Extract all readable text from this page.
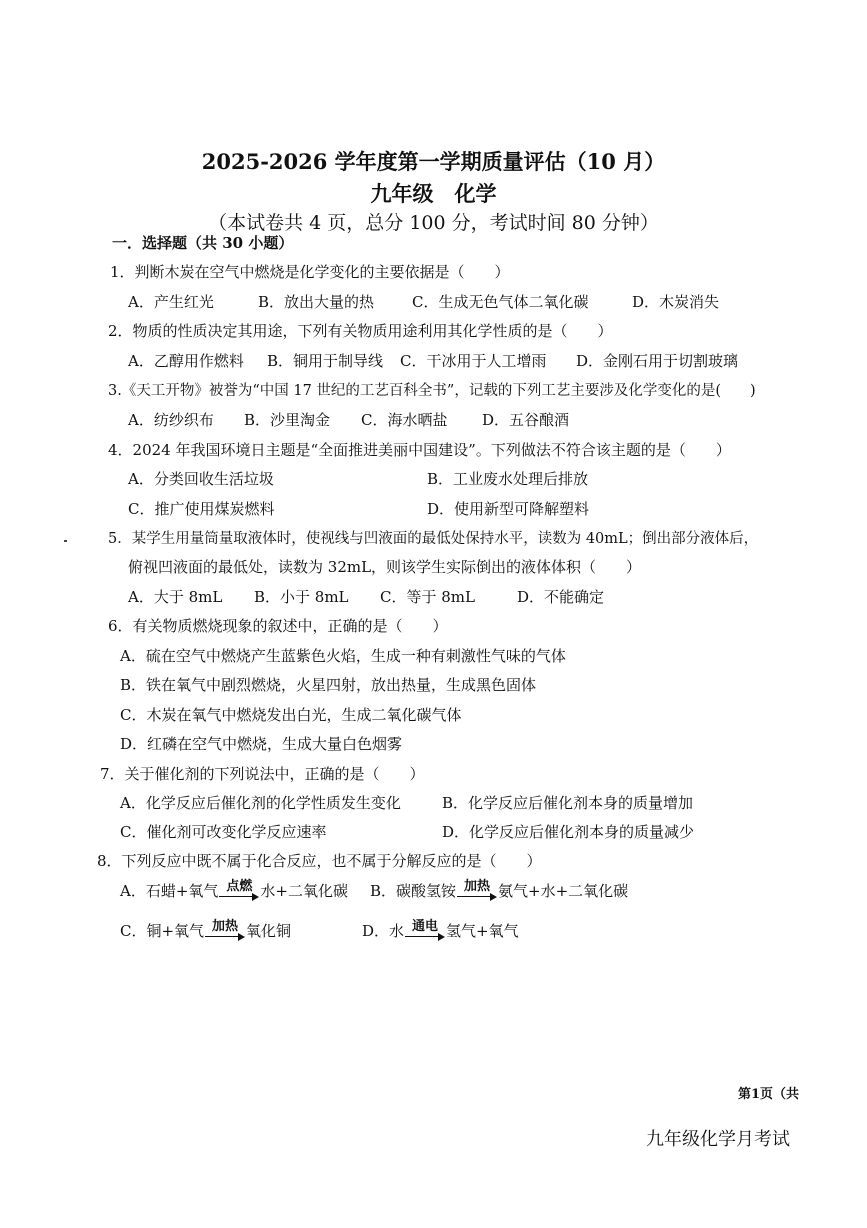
2025-2026 学年度第一学期质量评估（10 月）
九年级　化学
（本试卷共 4 页，总分 100 分，考试时间 80 分钟）
一．选择题（共 30 小题）
1．判断木炭在空气中燃烧是化学变化的主要依据是（　　）
A．产生红光	B．放出大量的热	C．生成无色气体二氧化碳	D．木炭消失
2．物质的性质决定其用途，下列有关物质用途利用其化学性质的是（　　）
A．乙醇用作燃料 B．铜用于制导线 C．干冰用于人工增雨 D．金刚石用于切割玻璃
3.《天工开物》被誉为“中国 17 世纪的工艺百科全书”，记载的下列工艺主要涉及化学变化的是(　　)
A．纺纱织布 B．沙里淘金 C．海水晒盐 D．五谷酿酒
4．2024 年我国环境日主题是“全面推进美丽中国建设”。下列做法不符合该主题的是（　　）
A．分类回收生活垃圾	B．工业废水处理后排放
C．推广使用煤炭燃料	D．使用新型可降解塑料
5．某学生用量筒量取液体时，使视线与凹液面的最低处保持水平，读数为 40mL；倒出部分液体后，
俯视凹液面的最低处，读数为 32mL，则该学生实际倒出的液体体积（　　）
A．大于 8mL B．小于 8mL C．等于 8mL	D．不能确定
6．有关物质燃烧现象的叙述中，正确的是（　　）
A．硫在空气中燃烧产生蓝紫色火焰，生成一种有刺激性气味的气体
B．铁在氧气中剧烈燃烧，火星四射，放出热量，生成黑色固体
C．木炭在氧气中燃烧发出白光，生成二氧化碳气体
D．红磷在空气中燃烧，生成大量白色烟雾
7．关于催化剂的下列说法中，正确的是（　　）
A．化学反应后催化剂的化学性质发生变化	B．化学反应后催化剂本身的质量增加
C．催化剂可改变化学反应速率	D．化学反应后催化剂本身的质量减少
8．下列反应中既不属于化合反应，也不属于分解反应的是（　　）
A．石蜡+氧气 点燃 水+二氧化碳 B．碳酸氢铵 加热 氨气+水+二氧化碳
C．铜+氧气 加热 氧化铜	D．水 通电 氢气+氧气
第1页（共
九年级化学月考试
